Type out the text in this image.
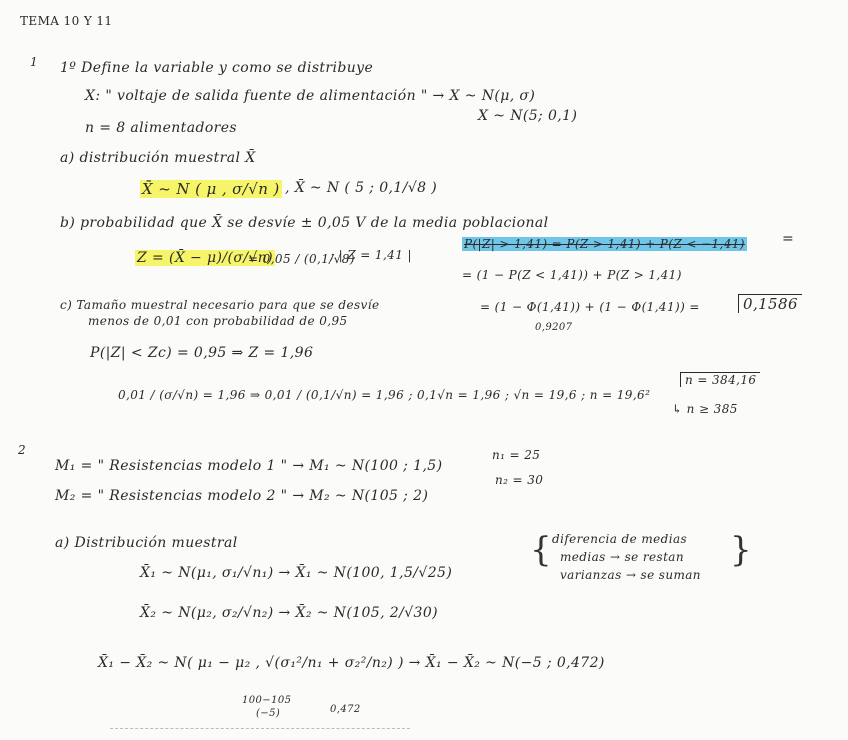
TEMA 10 Y 11
1 1º Define la variable y como se distribuye
X: " voltaje de salida fuente de alimentación " → X ~ N(μ, σ)
X ~ N(5; 0,1)
n = 8 alimentadores
a) distribución muestral X̄
X̄ ~ N ( μ , σ/√n ) , X̄ ~ N ( 5 ; 0,1/√8 )
b) probabilidad que X̄ se desvíe ± 0,05 V de la media poblacional
Z = (X̄ − μ)/(σ/√n)
= 0,05 / (0,1/√8)
; | Z = 1,41 |
P(|Z| > 1,41) = P(Z > 1,41) + P(Z < −1,41)	=
= (1 − P(Z < 1,41)) + P(Z > 1,41)
= (1 − Φ(1,41)) + (1 − Φ(1,41)) =	0,1586
0,9207
c) Tamaño muestral necesario para que se desvíe
menos de 0,01 con probabilidad de 0,95
P(|Z| < Zc) = 0,95 ⇒ Z = 1,96
0,01 / (σ/√n) = 1,96 ⇒ 0,01 / (0,1/√n) = 1,96 ; 0,1√n = 1,96 ; √n = 19,6 ; n = 19,6²
n = 384,16
↳ n ≥ 385
2
M₁ = " Resistencias modelo 1 " → M₁ ~ N(100 ; 1,5)
n₁ = 25
n₂ = 30
M₂ = " Resistencias modelo 2 " → M₂ ~ N(105 ; 2)
a) Distribución muestral
X̄₁ ~ N(μ₁, σ₁/√n₁) → X̄₁ ~ N(100, 1,5/√25)
X̄₂ ~ N(μ₂, σ₂/√n₂) → X̄₂ ~ N(105, 2/√30)
X̄₁ − X̄₂ ~ N( μ₁ − μ₂ , √(σ₁²/n₁ + σ₂²/n₂) ) → X̄₁ − X̄₂ ~ N(−5 ; 0,472)
100−105
(−5)	0,472
{ diferencia de medias
medias → se restan
varianzas → se suman
}
